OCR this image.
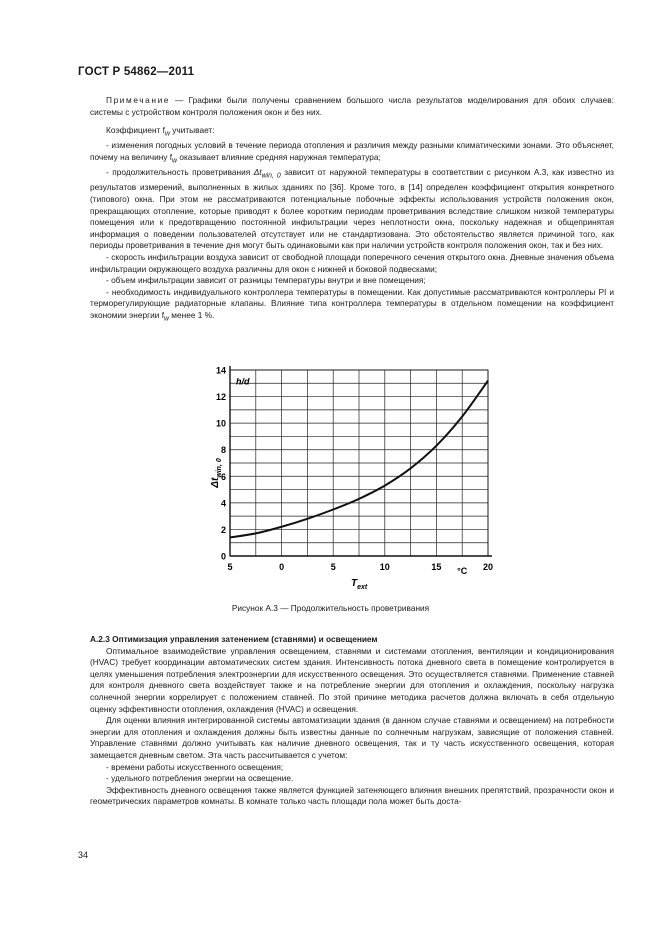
ГОСТ Р 54862—2011

Примечание — Графики были получены сравнением большого числа результатов моделирования для обоих случаев: системы с устройством контроля положения окон и без них.

Коэффициент $f_w$ учитывает:

- изменения погодных условий в течение периода отопления и различия между разными климатическими зонами. Это объясняет, почему на величину $f_w$ оказывает влияние средняя наружная температура;

- продолжительность проветривания $\Delta t_{win, 0}$ зависит от наружной температуры в соответствии с рисунком А.3, как известно из результатов измерений, выполненных в жилых зданиях по [36]. Кроме того, в [14] определен коэффициент открытия конкретного (типового) окна. При этом не рассматриваются потенциальные побочные эффекты использования устройств положения окон, прекращающих отопление, которые приводят к более коротким периодам проветривания вследствие слишком низкой температуры помещения или к предотвращению постоянной инфильтрации через неплотности окна, поскольку надежная и общепринятая информация о поведении пользователей отсутствует или не стандартизована. Это обстоятельство является причиной того, как периоды проветривания в течение дня могут быть одинаковыми как при наличии устройств контроля положения окон, так и без них.

- скорость инфильтрации воздуха зависит от свободной площади поперечного сечения открытого окна. Дневные значения объема инфильтрации окружающего воздуха различны для окон с нижней и боковой подвесками;

- объем инфильтрации зависит от разницы температуры внутри и вне помещения;

- необходимость индивидуального контроллера температуры в помещении. Как допустимые рассматриваются контроллеры PI и терморегулирующие радиаторные клапаны. Влияние типа контроллера температуры в отдельном помещении на коэффициент экономии энергии $f_w$ менее 1 %.

0
2
4
6
8
10
12
14
5	0	5	10	15	20
$\Delta t_{win, 0}$
h/d
$T_{ext}$
°C
Рисунок А.3 — Продолжительность проветривания
А.2.3 Оптимизация управления затенением (ставнями) и освещением

Оптимальное взаимодействие управления освещением, ставнями и системами отопления, вентиляции и кондиционирования (HVAC) требует координации автоматических систем здания. Интенсивность потока дневного света в помещение контролируется в целях уменьшения потребления электроэнергии для искусственного освещения. Это осуществляется ставнями. Применение ставней для контроля дневного света воздействует также и на потребление энергии для отопления и охлаждения, поскольку нагрузка солнечной энергии коррелирует с положением ставней. По этой причине методика расчетов должна включать в себя отдельную оценку эффективности отопления, охлаждения (HVAC) и освещения.

Для оценки влияния интегрированной системы автоматизации здания (в данном случае ставнями и освещением) на потребности энергии для отопления и охлаждения должны быть известны данные по солнечным нагрузкам, зависящие от положения ставней. Управление ставнями должно учитывать как наличие дневного освещения, так и ту часть искусственного освещения, которая замещается дневным светом. Эта часть рассчитывается с учетом:

- времени работы искусственного освещения;

- удельного потребления энергии на освещение.

Эффективность дневного освещения также является функцией затеняющего влияния внешних препятствий, прозрачности окон и геометрических параметров комнаты. В комнате только часть площади пола может быть доста-

34
